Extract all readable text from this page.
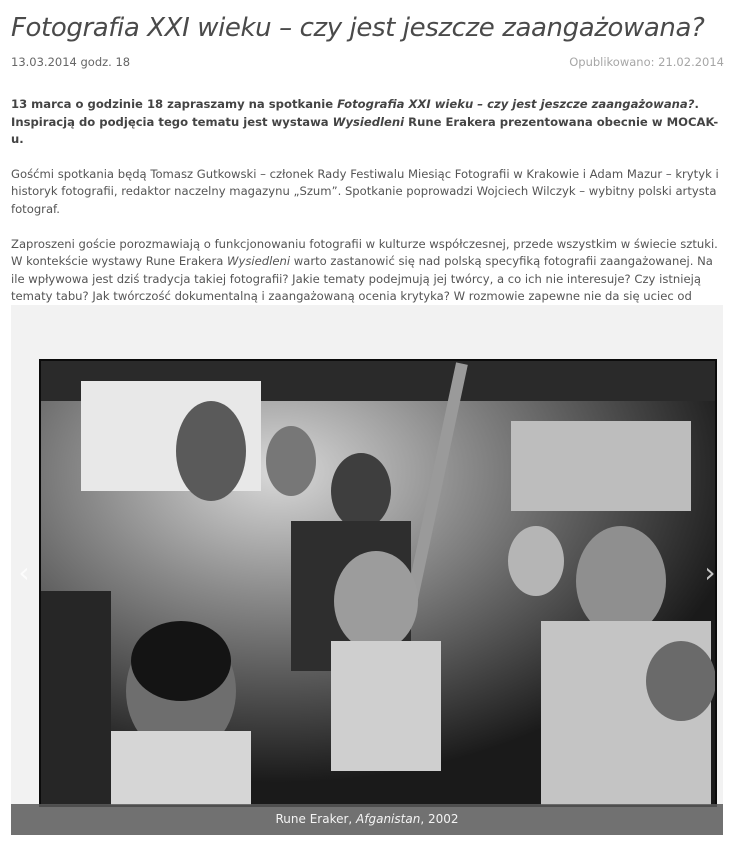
Fotografia XXI wieku – czy jest jeszcze zaangażowana?
13.03.2014 godz. 18	Opublikowano: 21.02.2014

13 marca o godzinie 18 zapraszamy na spotkanie Fotografia XXI wieku – czy jest jeszcze zaangażowana?. Inspiracją do podjęcia tego tematu jest wystawa Wysiedleni Rune Erakera prezentowana obecnie w MOCAK-u.

Gośćmi spotkania będą Tomasz Gutkowski – członek Rady Festiwalu Miesiąc Fotografii w Krakowie i Adam Mazur – krytyk i historyk fotografii, redaktor naczelny magazynu „Szum”. Spotkanie poprowadzi Wojciech Wilczyk – wybitny polski artysta fotograf.

Zaproszeni goście porozmawiają o funkcjonowaniu fotografii w kulturze współczesnej, przede wszystkim w świecie sztuki. W kontekście wystawy Rune Erakera Wysiedleni warto zastanowić się nad polską specyfiką fotografii zaangażowanej. Na ile wpływowa jest dziś tradycja takiej fotografii? Jakie tematy podejmują jej twórcy, a co ich nie interesuje? Czy istnieją tematy tabu? Jak twórczość dokumentalną i zaangażowaną ocenia krytyka? W rozmowie zapewne nie da się uciec od

‹	›
Rune Eraker, Afganistan, 2002
